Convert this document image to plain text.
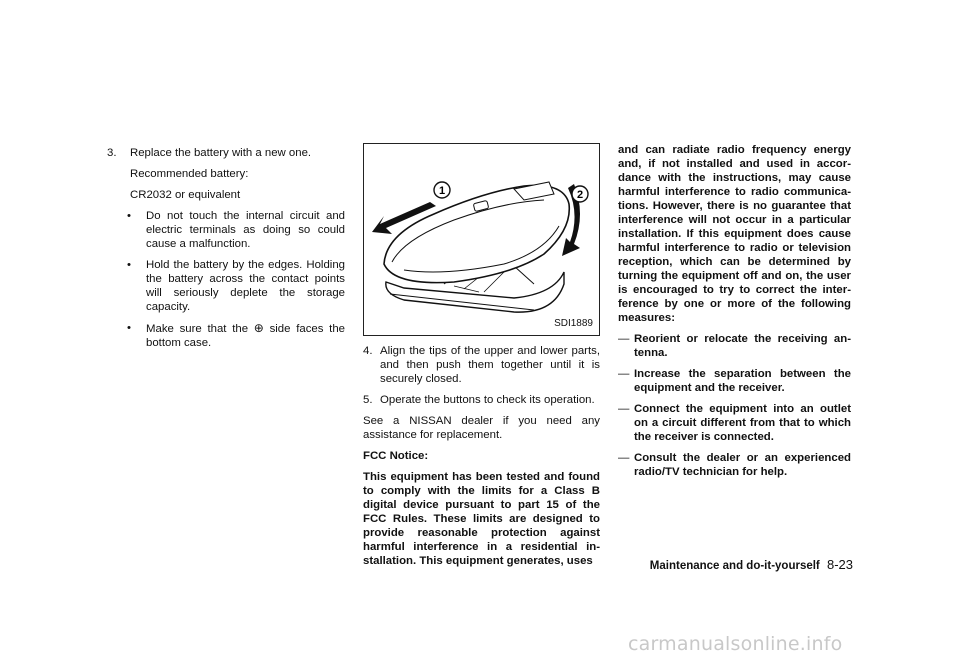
3. Replace the battery with a new one.
Recommended battery:
CR2032 or equivalent
• Do not touch the internal circuit and electric terminals as doing so could cause a malfunction.
• Hold the battery by the edges. Holding the battery across the contact points will seriously deplete the storage capacity.
• Make sure that the ⊕ side faces the bottom case.
1	2
SDI1889
4. Align the tips of the upper and lower parts, and then push them together until it is securely closed.
5. Operate the buttons to check its operation.

See a NISSAN dealer if you need any assistance for replacement.

FCC Notice:

This equipment has been tested and found to comply with the limits for a Class B digital device pursuant to part 15 of the FCC Rules. These limits are designed to provide reasonable protection against harmful interference in a residential in-stallation. This equipment generates, uses

and can radiate radio frequency energy and, if not installed and used in accor-dance with the instructions, may cause harmful interference to radio communica-tions. However, there is no guarantee that interference will not occur in a particular installation. If this equipment does cause harmful interference to radio or television reception, which can be determined by turning the equipment off and on, the user is encouraged to try to correct the inter-ference by one or more of the following measures:

— Reorient or relocate the receiving an-tenna.
— Increase the separation between the equipment and the receiver.
— Connect the equipment into an outlet on a circuit different from that to which the receiver is connected.
— Consult the dealer or an experienced radio/TV technician for help.
Maintenance and do-it-yourself 8-23
carmanualsonline.info
